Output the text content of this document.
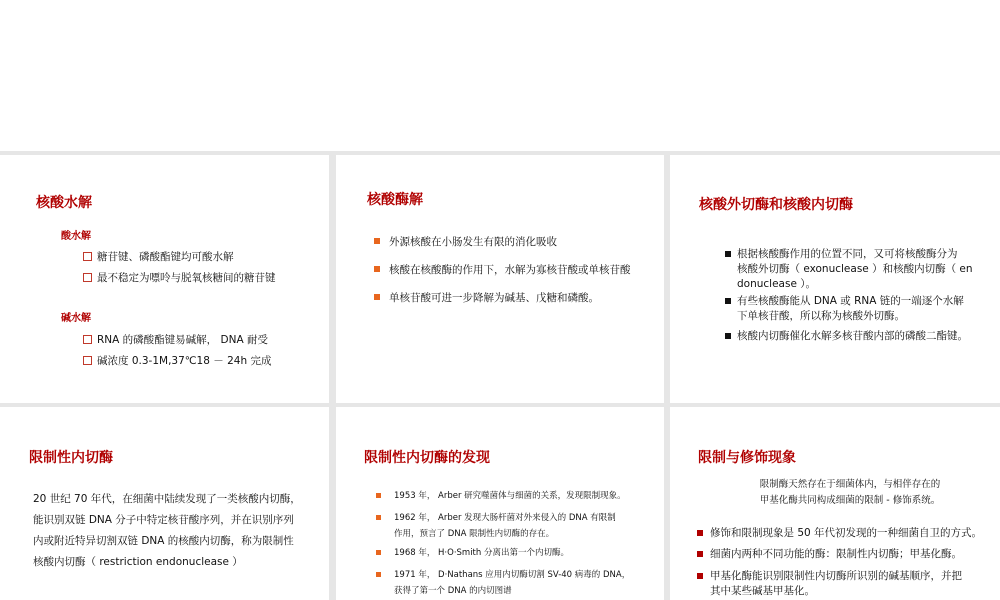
核酸水解
酸水解
糖苷键、磷酸酯键均可酸水解
最不稳定为嘌呤与脱氧核糖间的糖苷键
碱水解
RNA 的磷酸酯键易碱解， DNA 耐受
碱浓度 0.3-1M,37℃18 － 24h 完成
核酸酶解
外源核酸在小肠发生有限的消化吸收
核酸在核酸酶的作用下，水解为寡核苷酸或单核苷酸
单核苷酸可进一步降解为碱基、戊糖和磷酸。
核酸外切酶和核酸内切酶
根据核酸酶作用的位置不同，又可将核酸酶分为
核酸外切酶（ exonuclease ）和核酸内切酶（ en
donuclease ）。
有些核酸酶能从 DNA 或 RNA 链的一端逐个水解
下单核苷酸，所以称为核酸外切酶。
核酸内切酶催化水解多核苷酸内部的磷酸二酯键。
限制性内切酶
20 世纪 70 年代，在细菌中陆续发现了一类核酸内切酶，
能识别双链 DNA 分子中特定核苷酸序列，并在识别序列
内或附近特异切割双链 DNA 的核酸内切酶，称为限制性
核酸内切酶（ restriction endonuclease ）
限制性内切酶的发现
1953 年， Arber 研究噬菌体与细菌的关系，发现限制现象。
1962 年， Arber 发现大肠杆菌对外来侵入的 DNA 有限制
作用，预言了 DNA 限制性内切酶的存在。
1968 年， H·O·Smith 分离出第一个内切酶。
1971 年， D·Nathans 应用内切酶切割 SV-40 病毒的 DNA，
获得了第一个 DNA 的内切图谱
限制与修饰现象
限制酶天然存在于细菌体内，与相伴存在的
甲基化酶共同构成细菌的限制 - 修饰系统。
修饰和限制现象是 50 年代初发现的一种细菌自卫的方式。
细菌内两种不同功能的酶：限制性内切酶；甲基化酶。
甲基化酶能识别限制性内切酶所识别的碱基顺序，并把
其中某些碱基甲基化。
